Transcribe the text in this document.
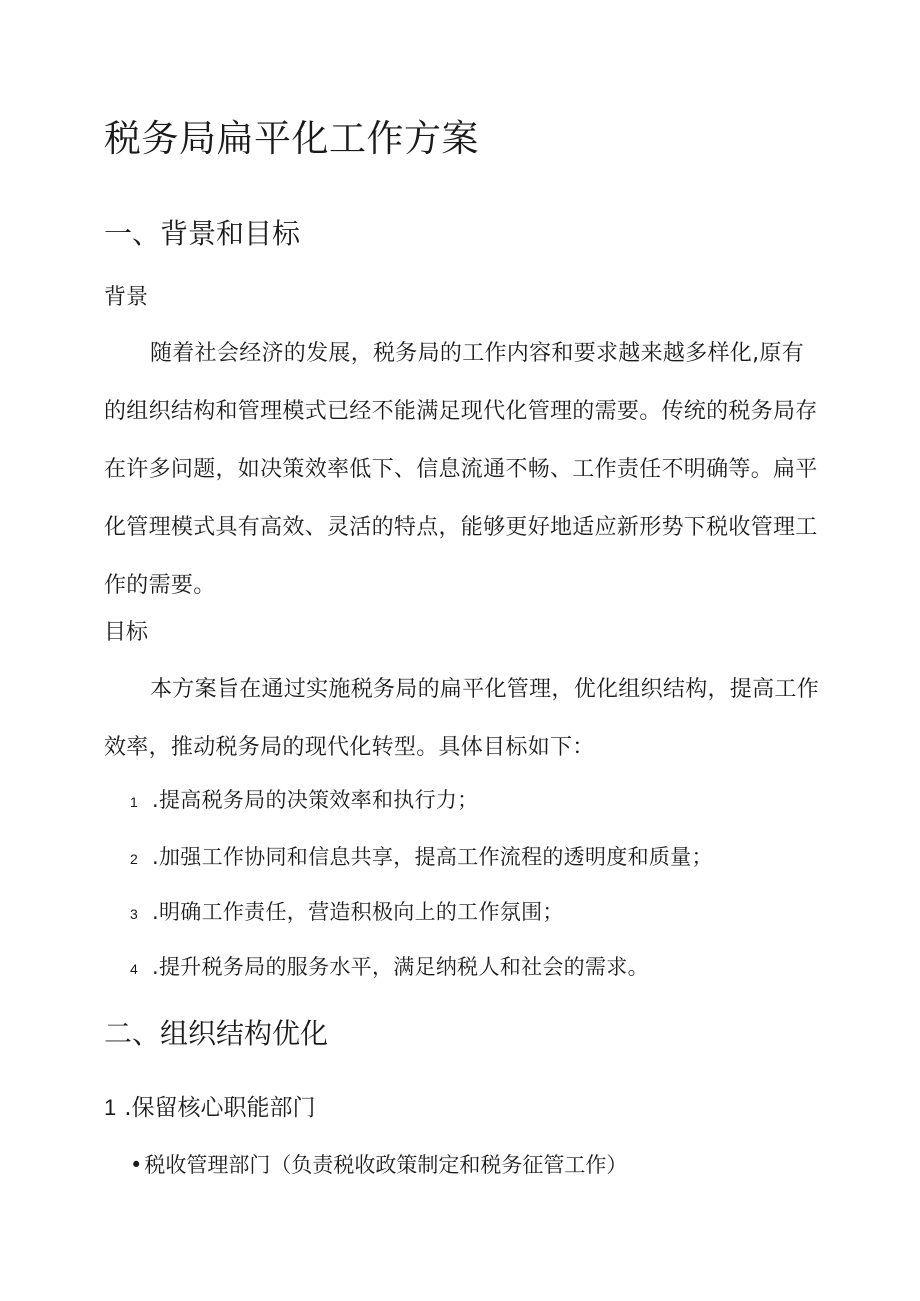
税务局扁平化工作方案
一、背景和目标
背景
随着社会经济的发展，税务局的工作内容和要求越来越多样化,原有的组织结构和管理模式已经不能满足现代化管理的需要。传统的税务局存在许多问题，如决策效率低下、信息流通不畅、工作责任不明确等。扁平化管理模式具有高效、灵活的特点，能够更好地适应新形势下税收管理工作的需要。
目标
本方案旨在通过实施税务局的扁平化管理，优化组织结构，提高工作效率，推动税务局的现代化转型。具体目标如下：
1 .提高税务局的决策效率和执行力；
2 .加强工作协同和信息共享，提高工作流程的透明度和质量；
3 .明确工作责任，营造积极向上的工作氛围；
4 .提升税务局的服务水平，满足纳税人和社会的需求。
二、组织结构优化
1 .保留核心职能部门
•税收管理部门（负责税收政策制定和税务征管工作）
